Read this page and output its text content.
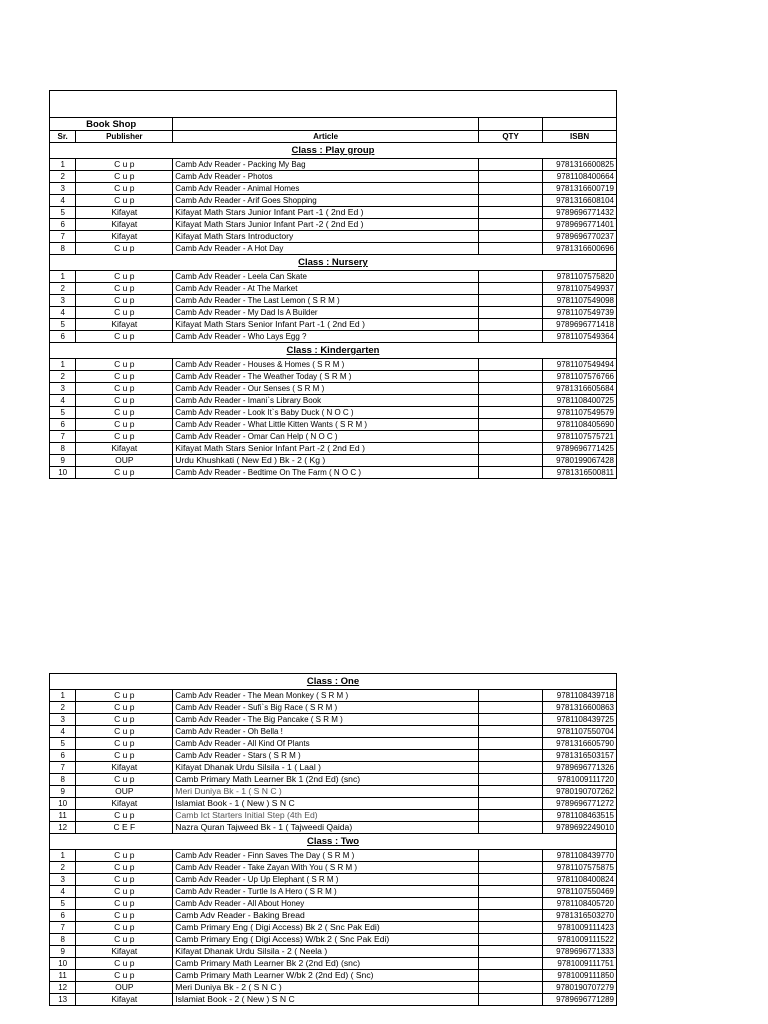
Book Shop				
Sr.	Publisher	Article	QTY	ISBN
Class : Play group				
1	C u p	Camb Adv Reader - Packing My Bag		9781316600825
2	C u p	Camb Adv Reader - Photos		9781108400664
3	C u p	Camb Adv Reader - Animal Homes		9781316600719
4	C u p	Camb Adv Reader - Arif Goes Shopping		9781316608104
5	Kifayat	Kifayat Math Stars Junior Infant Part -1 ( 2nd Ed )		9789696771432
6	Kifayat	Kifayat Math Stars Junior Infant Part -2 ( 2nd Ed )		9789696771401
7	Kifayat	Kifayat Math Stars Introductory		9789696770237
8	C u p	Camb Adv Reader - A Hot Day		9781316600696
Class : Nursery				
1	C u p	Camb Adv Reader - Leela Can Skate		9781107575820
2	C u p	Camb Adv Reader - At The Market		9781107549937
3	C u p	Camb Adv Reader - The Last Lemon ( S R M )		9781107549098
4	C u p	Camb Adv Reader - My Dad Is A Builder		9781107549739
5	Kifayat	Kifayat Math Stars Senior Infant Part -1 ( 2nd Ed )		9789696771418
6	C u p	Camb Adv Reader - Who Lays Egg ?		9781107549364
Class : Kindergarten				
1	C u p	Camb Adv Reader - Houses & Homes ( S R M )		9781107549494
2	C u p	Camb Adv Reader - The Weather Today ( S R M )		9781107576766
3	C u p	Camb Adv Reader - Our Senses ( S R M )		9781316605684
4	C u p	Camb Adv Reader - Imani`s Library Book		9781108400725
5	C u p	Camb Adv Reader - Look It`s Baby Duck ( N O C )		9781107549579
6	C u p	Camb Adv Reader - What Little Kitten Wants ( S R M )		9781108405690
7	C u p	Camb Adv Reader - Omar Can Help ( N O C )		9781107575721
8	Kifayat	Kifayat Math Stars Senior Infant Part -2 ( 2nd Ed )		9789696771425
9	OUP	Urdu Khushkati ( New Ed ) Bk - 2 ( Kg )		9780199067428
10	C u p	Camb Adv Reader - Bedtime On The Farm ( N O C )		9781316500811
Class : One				
1	C u p	Camb Adv Reader - The Mean Monkey ( S R M )		9781108439718
2	C u p	Camb Adv Reader - Sufi`s Big Race ( S R M )		9781316600863
3	C u p	Camb Adv Reader - The Big Pancake ( S R M )		9781108439725
4	C u p	Camb Adv Reader - Oh Bella !		9781107550704
5	C u p	Camb Adv Reader - All Kind Of Plants		9781316605790
6	C u p	Camb Adv Reader - Stars ( S R M )		9781316503157
7	Kifayat	Kifayat Dhanak Urdu Silsila - 1 ( Laal )		9789696771326
8	C u p	Camb Primary Math Learner Bk 1 (2nd Ed) (snc)		9781009111720
9	OUP	Meri Duniya Bk - 1 ( S N C )		9780190707262
10	Kifayat	Islamiat Book - 1 ( New ) S N C		9789696771272
11	C u p	Camb Ict Starters Initial Step (4th Ed)		9781108463515
12	C E F	Nazra Quran Tajweed Bk - 1 ( Tajweedi Qaida)		9789692249010
Class : Two				
1	C u p	Camb Adv Reader - Finn Saves The Day ( S R M )		9781108439770
2	C u p	Camb Adv Reader - Take Zayan With You ( S R M )		9781107575875
3	C u p	Camb Adv Reader - Up Up Elephant ( S R M )		9781108400824
4	C u p	Camb Adv Reader - Turtle Is A Hero ( S R M )		9781107550469
5	C u p	Camb Adv Reader - All About Honey		9781108405720
6	C u p	Camb Adv Reader - Baking Bread		9781316503270
7	C u p	Camb Primary Eng ( Digi Access) Bk 2 ( Snc Pak Edi)		9781009111423
8	C u p	Camb Primary Eng ( Digi Access) W/bk 2 ( Snc Pak Edi)		9781009111522
9	Kifayat	Kifayat Dhanak Urdu Silsila - 2 ( Neela )		9789696771333
10	C u p	Camb Primary Math Learner Bk 2 (2nd Ed) (snc)		9781009111751
11	C u p	Camb Primary Math Learner W/bk 2 (2nd Ed) ( Snc)		9781009111850
12	OUP	Meri Duniya Bk - 2 ( S N C )		9780190707279
13	Kifayat	Islamiat Book - 2 ( New ) S N C		9789696771289
